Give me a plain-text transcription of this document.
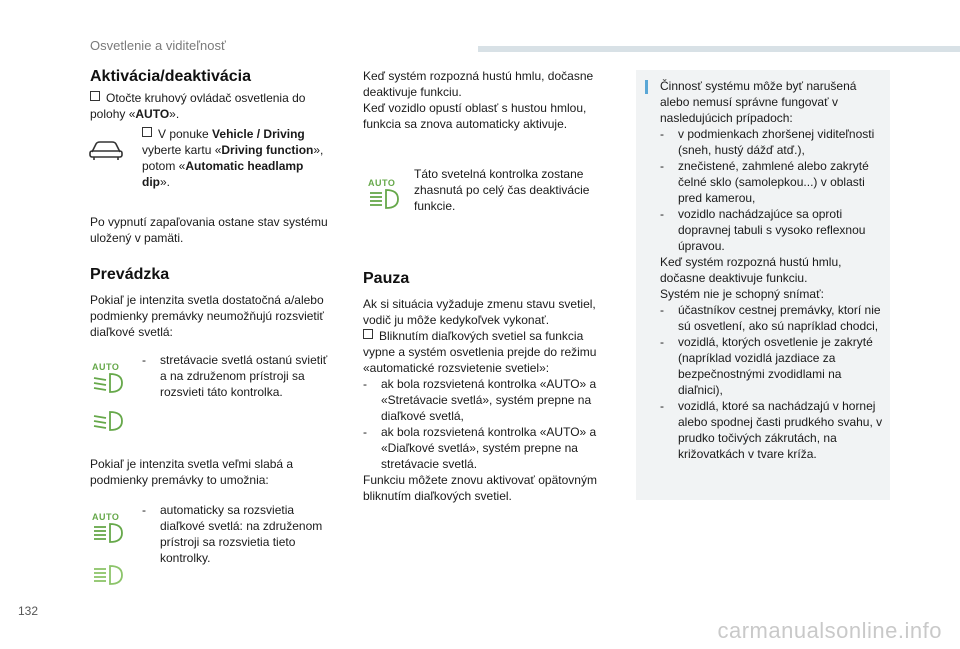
Osvetlenie a viditeľnosť
Aktivácia/deaktivácia
Otočte kruhový ovládač osvetlenia do polohy «AUTO».
V ponuke Vehicle / Driving vyberte kartu «Driving function», potom «Automatic headlamp dip».
Po vypnutí zapaľovania ostane stav systému uložený v pamäti.
Prevádzka
Pokiaľ je intenzita svetla dostatočná a/alebo podmienky premávky neumožňujú rozsvietiť diaľkové svetlá:
AUTO	- stretávacie svetlá ostanú svietiť a na združenom prístroji sa rozsvieti táto kontrolka.
Pokiaľ je intenzita svetla veľmi slabá a podmienky premávky to umožnia:
AUTO	- automaticky sa rozsvietia diaľkové svetlá: na združenom prístroji sa rozsvietia tieto kontrolky.
Keď systém rozpozná hustú hmlu, dočasne deaktivuje funkciu.
Keď vozidlo opustí oblasť s hustou hmlou, funkcia sa znova automaticky aktivuje.
AUTO
Táto svetelná kontrolka zostane zhasnutá po celý čas deaktivácie funkcie.
Pauza
Ak si situácia vyžaduje zmenu stavu svetiel, vodič ju môže kedykoľvek vykonať.
Bliknutím diaľkových svetiel sa funkcia vypne a systém osvetlenia prejde do režimu «automatické rozsvietenie svetiel»:
- ak bola rozsvietená kontrolka «AUTO» a «Stretávacie svetlá», systém prepne na diaľkové svetlá,
- ak bola rozsvietená kontrolka «AUTO» a «Diaľkové svetlá», systém prepne na stretávacie svetlá.
Funkciu môžete znovu aktivovať opätovným bliknutím diaľkových svetiel.
Činnosť systému môže byť narušená alebo nemusí správne fungovať v nasledujúcich prípadoch:
- v podmienkach zhoršenej viditeľnosti (sneh, hustý dážď atď.),
- znečistené, zahmlené alebo zakryté čelné sklo (samolepkou...) v oblasti pred kamerou,
- vozidlo nachádzajúce sa oproti dopravnej tabuli s vysoko reflexnou úpravou.
Keď systém rozpozná hustú hmlu, dočasne deaktivuje funkciu.
Systém nie je schopný snímať:
- účastníkov cestnej premávky, ktorí nie sú osvetlení, ako sú napríklad chodci,
- vozidlá, ktorých osvetlenie je zakryté (napríklad vozidlá jazdiace za bezpečnostnými zvodidlami na diaľnici),
- vozidlá, ktoré sa nachádzajú v hornej alebo spodnej časti prudkého svahu, v prudko točivých zákrutách, na križovatkách v tvare kríža.
132
carmanualsonline.info
